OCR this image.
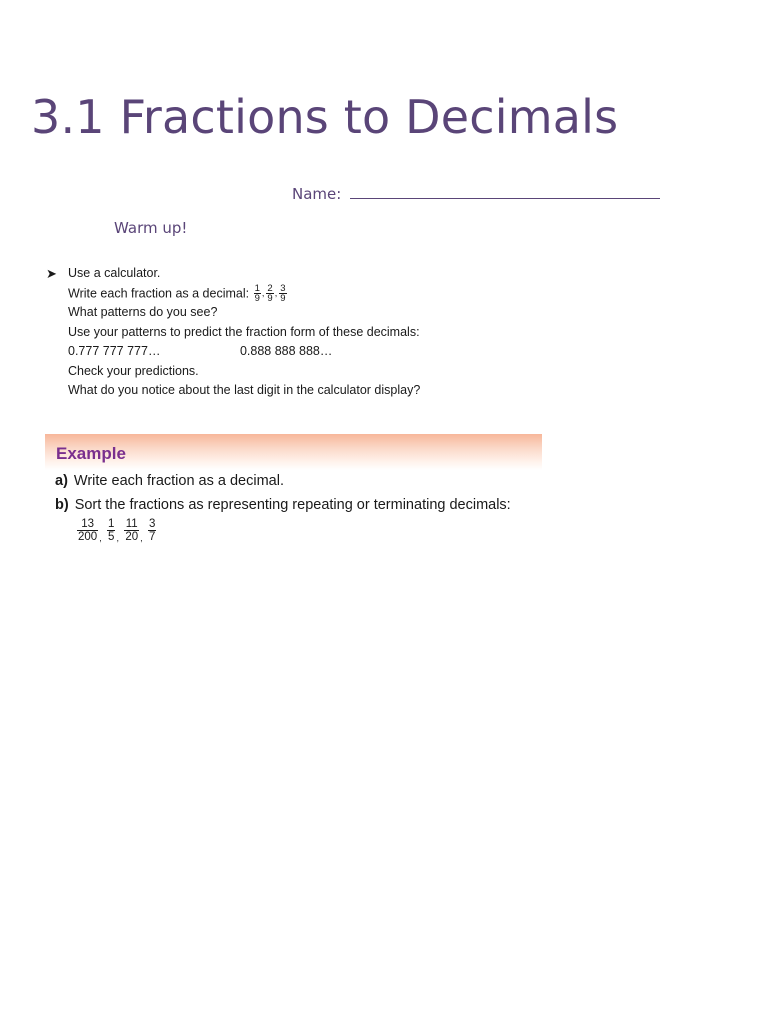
3.1 Fractions to Decimals
Name:
Warm up!
➤ Use a calculator.
Write each fraction as a decimal: $\frac{1}{9}$ , $\frac{2}{9}$ , $\frac{3}{9}$
What patterns do you see?
Use your patterns to predict the fraction form of these decimals:
0.777 777 777…	0.888 888 888…
Check your predictions.
What do you notice about the last digit in the calculator display?
Example
a) Write each fraction as a decimal.
b) Sort the fractions as representing repeating or terminating decimals:
$\frac{13}{200}$ , $\frac{1}{5}$ , $\frac{11}{20}$ , $\frac{3}{7}$
